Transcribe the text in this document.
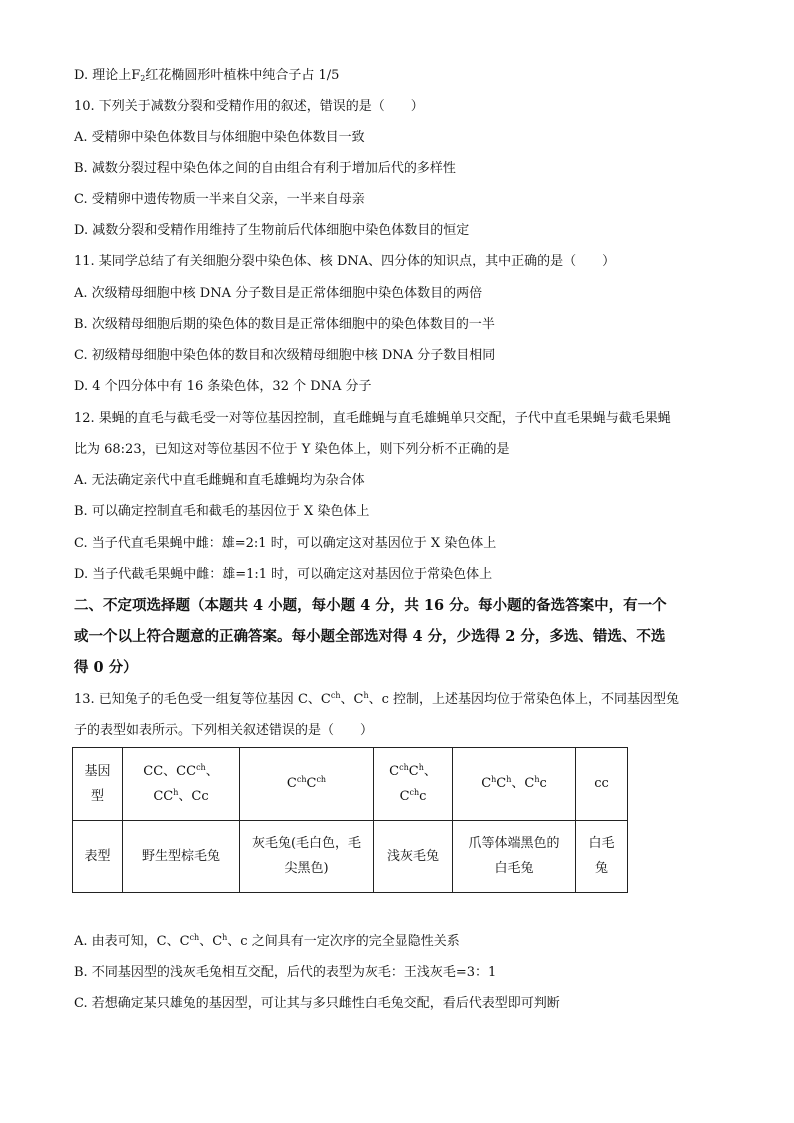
D. 理论上$F_2$红花椭圆形叶植株中纯合子占 1/5
10. 下列关于减数分裂和受精作用的叙述，错误的是（　　）
A. 受精卵中染色体数目与体细胞中染色体数目一致
B. 减数分裂过程中染色体之间的自由组合有利于增加后代的多样性
C. 受精卵中遗传物质一半来自父亲，一半来自母亲
D. 减数分裂和受精作用维持了生物前后代体细胞中染色体数目的恒定
11. 某同学总结了有关细胞分裂中染色体、核 DNA、四分体的知识点，其中正确的是（　　）
A. 次级精母细胞中核 DNA 分子数目是正常体细胞中染色体数目的两倍
B. 次级精母细胞后期的染色体的数目是正常体细胞中的染色体数目的一半
C. 初级精母细胞中染色体的数目和次级精母细胞中核 DNA 分子数目相同
D. 4 个四分体中有 16 条染色体，32 个 DNA 分子
12. 果蝇的直毛与截毛受一对等位基因控制，直毛雌蝇与直毛雄蝇单只交配，子代中直毛果蝇与截毛果蝇
比为 68:23，已知这对等位基因不位于 Y 染色体上，则下列分析不正确的是
A. 无法确定亲代中直毛雌蝇和直毛雄蝇均为杂合体
B. 可以确定控制直毛和截毛的基因位于 X 染色体上
C. 当子代直毛果蝇中雌：雄=2:1 时，可以确定这对基因位于 X 染色体上
D. 当子代截毛果蝇中雌：雄=1:1 时，可以确定这对基因位于常染色体上
二、不定项选择题（本题共 4 小题，每小题 4 分，共 16 分。每小题的备选答案中，有一个
或一个以上符合题意的正确答案。每小题全部选对得 4 分，少选得 2 分，多选、错选、不选
得 0 分）
13. 已知兔子的毛色受一组复等位基因 C、$C^{ch}$、$C^h$、c 控制，上述基因均位于常染色体上，不同基因型兔
子的表型如表所示。下列相关叙述错误的是（　　）
基因
型	CC、$CC^{ch}$、
$CC^h$、Cc	$C^{ch}C^{ch}$	$C^{ch}C^h$、
$C^{ch}c$	$C^hC^h$、$C^hc$	cc
表型	野生型棕毛兔	灰毛兔(毛白色，毛
尖黑色)	浅灰毛兔	爪等体端黑色的
白毛兔	白毛
兔
A. 由表可知，C、$C^{ch}$、$C^h$、c 之间具有一定次序的完全显隐性关系
B. 不同基因型的浅灰毛兔相互交配，后代的表型为灰毛：王浅灰毛=3：1
C. 若想确定某只雄兔的基因型，可让其与多只雌性白毛兔交配，看后代表型即可判断
